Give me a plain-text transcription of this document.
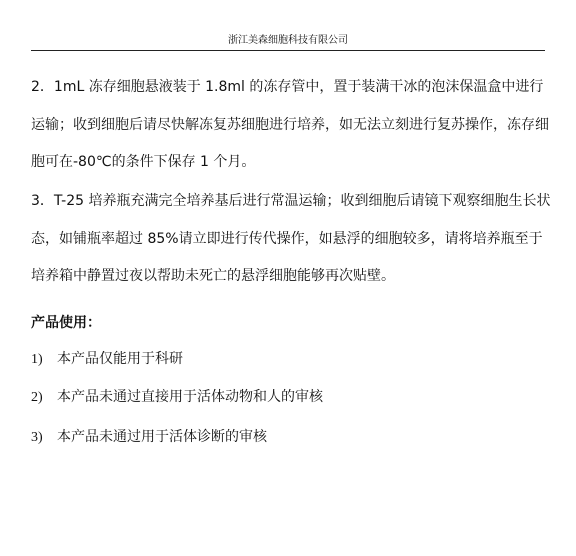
浙江美森细胞科技有限公司

2．1mL 冻存细胞悬液装于 1.8ml 的冻存管中，置于装满干冰的泡沫保温盒中进行运输；收到细胞后请尽快解冻复苏细胞进行培养，如无法立刻进行复苏操作，冻存细胞可在-80℃的条件下保存 1 个月。

3．T-25 培养瓶充满完全培养基后进行常温运输；收到细胞后请镜下观察细胞生长状态，如铺瓶率超过 85%请立即进行传代操作，如悬浮的细胞较多，请将培养瓶至于培养箱中静置过夜以帮助未死亡的悬浮细胞能够再次贴壁。

产品使用：
1) 本产品仅能用于科研
2) 本产品未通过直接用于活体动物和人的审核
3) 本产品未通过用于活体诊断的审核
